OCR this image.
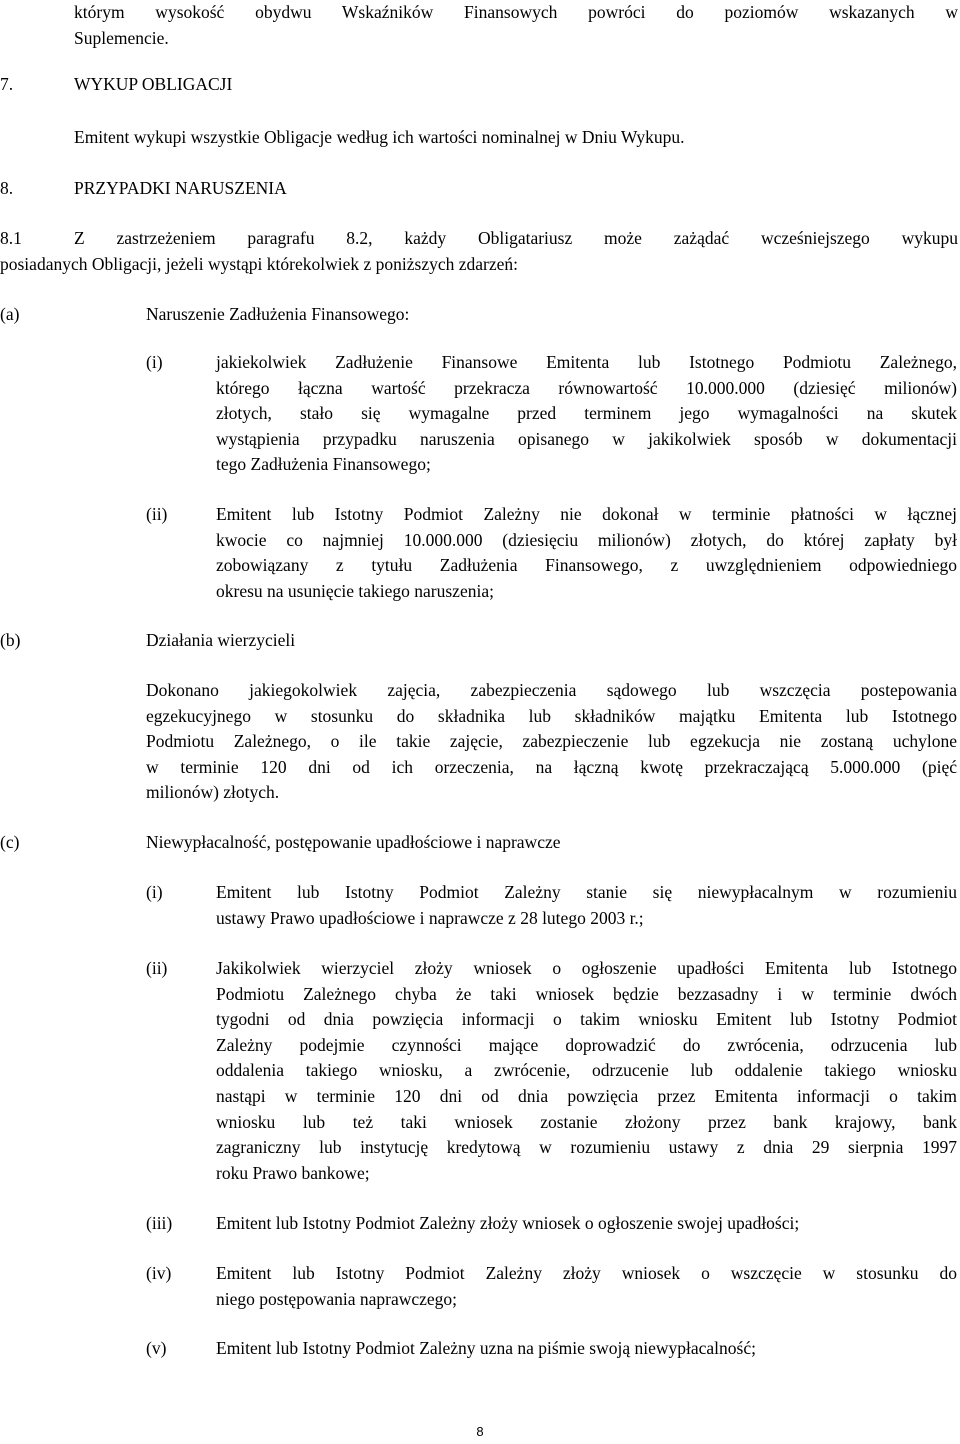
którym wysokość obydwu Wskaźników Finansowych powróci do poziomów wskazanych w
Suplemencie.
7.	WYKUP OBLIGACJI
Emitent wykupi wszystkie Obligacje według ich wartości nominalnej w Dniu Wykupu.
8.	PRZYPADKI NARUSZENIA
8.1	Z zastrzeżeniem paragrafu 8.2, każdy Obligatariusz może zażądać wcześniejszego wykupu
posiadanych Obligacji, jeżeli wystąpi którekolwiek z poniższych zdarzeń:
(a)	Naruszenie Zadłużenia Finansowego:
(i)	jakiekolwiek Zadłużenie Finansowe Emitenta lub Istotnego Podmiotu Zależnego,
którego łączna wartość przekracza równowartość 10.000.000 (dziesięć milionów)
złotych, stało się wymagalne przed terminem jego wymagalności na skutek
wystąpienia przypadku naruszenia opisanego w jakikolwiek sposób w dokumentacji
tego Zadłużenia Finansowego;
(ii)	Emitent lub Istotny Podmiot Zależny nie dokonał w terminie płatności w łącznej
kwocie co najmniej 10.000.000 (dziesięciu milionów) złotych, do której zapłaty był
zobowiązany z tytułu Zadłużenia Finansowego, z uwzględnieniem odpowiedniego
okresu na usunięcie takiego naruszenia;
(b)	Działania wierzycieli
Dokonano jakiegokolwiek zajęcia, zabezpieczenia sądowego lub wszczęcia postepowania
egzekucyjnego w stosunku do składnika lub składników majątku Emitenta lub Istotnego
Podmiotu Zależnego, o ile takie zajęcie, zabezpieczenie lub egzekucja nie zostaną uchylone
w terminie 120 dni od ich orzeczenia, na łączną kwotę przekraczającą 5.000.000 (pięć
milionów) złotych.
(c)	Niewypłacalność, postępowanie upadłościowe i naprawcze
(i)	Emitent lub Istotny Podmiot Zależny stanie się niewypłacalnym w rozumieniu
ustawy Prawo upadłościowe i naprawcze z 28 lutego 2003 r.;
(ii)	Jakikolwiek wierzyciel złoży wniosek o ogłoszenie upadłości Emitenta lub Istotnego
Podmiotu Zależnego chyba że taki wniosek będzie bezzasadny i w terminie dwóch
tygodni od dnia powzięcia informacji o takim wniosku Emitent lub Istotny Podmiot
Zależny podejmie czynności mające doprowadzić do zwrócenia, odrzucenia lub
oddalenia takiego wniosku, a zwrócenie, odrzucenie lub oddalenie takiego wniosku
nastąpi w terminie 120 dni od dnia powzięcia przez Emitenta informacji o takim
wniosku lub też taki wniosek zostanie złożony przez bank krajowy, bank
zagraniczny lub instytucję kredytową w rozumieniu ustawy z dnia 29 sierpnia 1997
roku Prawo bankowe;
(iii)	Emitent lub Istotny Podmiot Zależny złoży wniosek o ogłoszenie swojej upadłości;
(iv)	Emitent lub Istotny Podmiot Zależny złoży wniosek o wszczęcie w stosunku do
niego postępowania naprawczego;
(v)	Emitent lub Istotny Podmiot Zależny uzna na piśmie swoją niewypłacalność;
8
